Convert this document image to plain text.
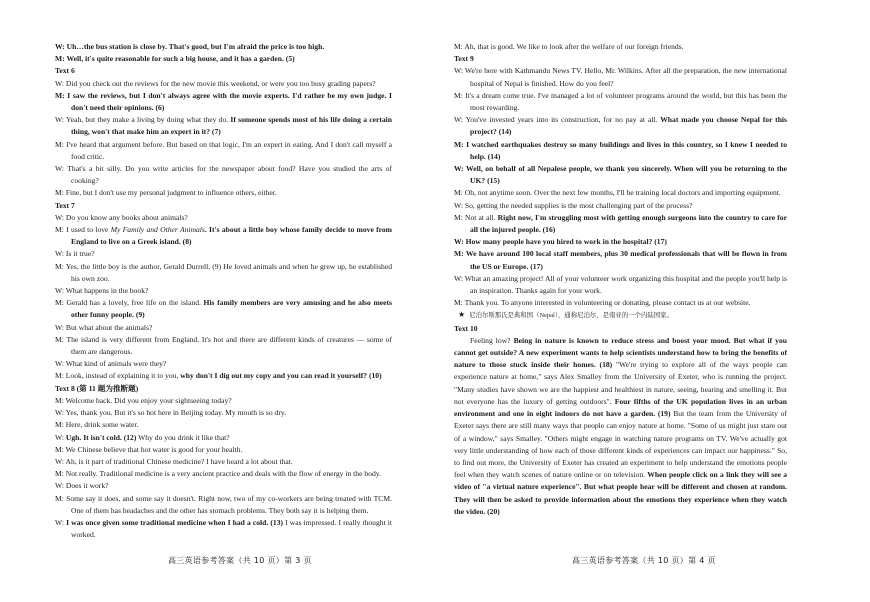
W: Uh…the bus station is close by. That's good, but I'm afraid the price is too high.

M: Well, it's quite reasonable for such a big house, and it has a garden. (5)

Text 6

W: Did you check out the reviews for the new movie this weekend, or were you too busy grading papers?

M: I saw the reviews, but I don't always agree with the movie experts. I'd rather be my own judge. I don't need their opinions. (6)

W: Yeah, but they make a living by doing what they do. If someone spends most of his life doing a certain thing, won't that make him an expert in it? (7)

M: I've heard that argument before. But based on that logic, I'm an expert in eating. And I don't call myself a food critic.

W: That's a bit silly. Do you write articles for the newspaper about food? Have you studied the arts of cooking?

M: Fine, but I don't use my personal judgment to influence others, either.

Text 7

W: Do you know any books about animals?

M: I used to love My Family and Other Animals. It's about a little boy whose family decide to move from England to live on a Greek island. (8)

W: Is it true?

M: Yes, the little boy is the author, Gerald Durrell. (9) He loved animals and when he grew up, he established his own zoo.

W: What happens in the book?

M: Gerald has a lovely, free life on the island. His family members are very amusing and he also meets other funny people. (9)

W: But what about the animals?

M: The island is very different from England. It's hot and there are different kinds of creatures — some of them are dangerous.

W: What kind of animals were they?

M: Look, instead of explaining it to you, why don't I dig out my copy and you can read it yourself? (10)

Text 8 (第 11 题为推断题)

M: Welcome back. Did you enjoy your sightseeing today?

W: Yes, thank you. But it's so hot here in Beijing today. My mouth is so dry.

M: Here, drink some water.

W: Ugh. It isn't cold. (12) Why do you drink it like that?

M: We Chinese believe that hot water is good for your health.

W: Ah, is it part of traditional Chinese medicine? I have heard a lot about that.

M: Not really. Traditional medicine is a very ancient practice and deals with the flow of energy in the body.

W: Does it work?

M: Some say it does, and some say it doesn't. Right now, two of my co-workers are being treated with TCM. One of them has headaches and the other has stomach problems. They both say it is helping them.

W: I was once given some traditional medicine when I had a cold. (13) I was impressed. I really thought it worked.

M: Ah, that is good. We like to look after the welfare of our foreign friends.

Text 9

W: We're here with Kathmandu News TV. Hello, Mr. Wilkins. After all the preparation, the new international hospital of Nepal is finished. How do you feel?

M: It's a dream come true. I've managed a lot of volunteer programs around the world, but this has been the most rewarding.

W: You've invested years into its construction, for no pay at all. What made you choose Nepal for this project? (14)

M: I watched earthquakes destroy so many buildings and lives in this country, so I knew I needed to help. (14)

W: Well, on behalf of all Nepalese people, we thank you sincerely. When will you be returning to the UK? (15)

M: Oh, not anytime soon. Over the next few months, I'll be training local doctors and importing equipment.

W: So, getting the needed supplies is the most challenging part of the process?

M: Not at all. Right now, I'm struggling most with getting enough surgeons into the country to care for all the injured people. (16)

W: How many people have you hired to work in the hospital? (17)

M: We have around 100 local staff members, plus 30 medical professionals that will be flown in from the US or Europe. (17)

W: What an amazing project! All of your volunteer work organizing this hospital and the people you'll help is an inspiration. Thanks again for your work.

M: Thank you. To anyone interested in volunteering or donating, please contact us at our website.

★ 尼泊尔斯那氏是典和国（Nepal），通称尼泊尔，是南亚的一个内陆国家。

Text 10

Feeling low? Being in nature is known to reduce stress and boost your mood. But what if you cannot get outside? A new experiment wants to help scientists understand how to bring the benefits of nature to those stuck inside their homes. (18) "We're trying to explore all of the ways people can experience nature at home," says Alex Smalley from the University of Exeter, who is running the project. "Many studies have shown we are the happiest and healthiest in nature, seeing, hearing and smelling it. But not everyone has the luxury of getting outdoors". Four fifths of the UK population lives in an urban environment and one in eight indoors do not have a garden. (19) But the team from the University of Exeter says there are still many ways that people can enjoy nature at home. "Some of us might just stare out of a window," says Smalley. "Others might engage in watching nature programs on TV. We've actually got very little understanding of how each of those different kinds of experiences can impact our happiness." So, to find out more, the University of Exeter has created an experiment to help understand the emotions people feel when they watch scenes of nature online or on television. When people click on a link they will see a video of "a virtual nature experience". But what people hear will be different and chosen at random. They will then be asked to provide information about the emotions they experience when they watch the video. (20)

高三英语参考答案（共 10 页）第 3 页	高三英语参考答案（共 10 页）第 4 页
